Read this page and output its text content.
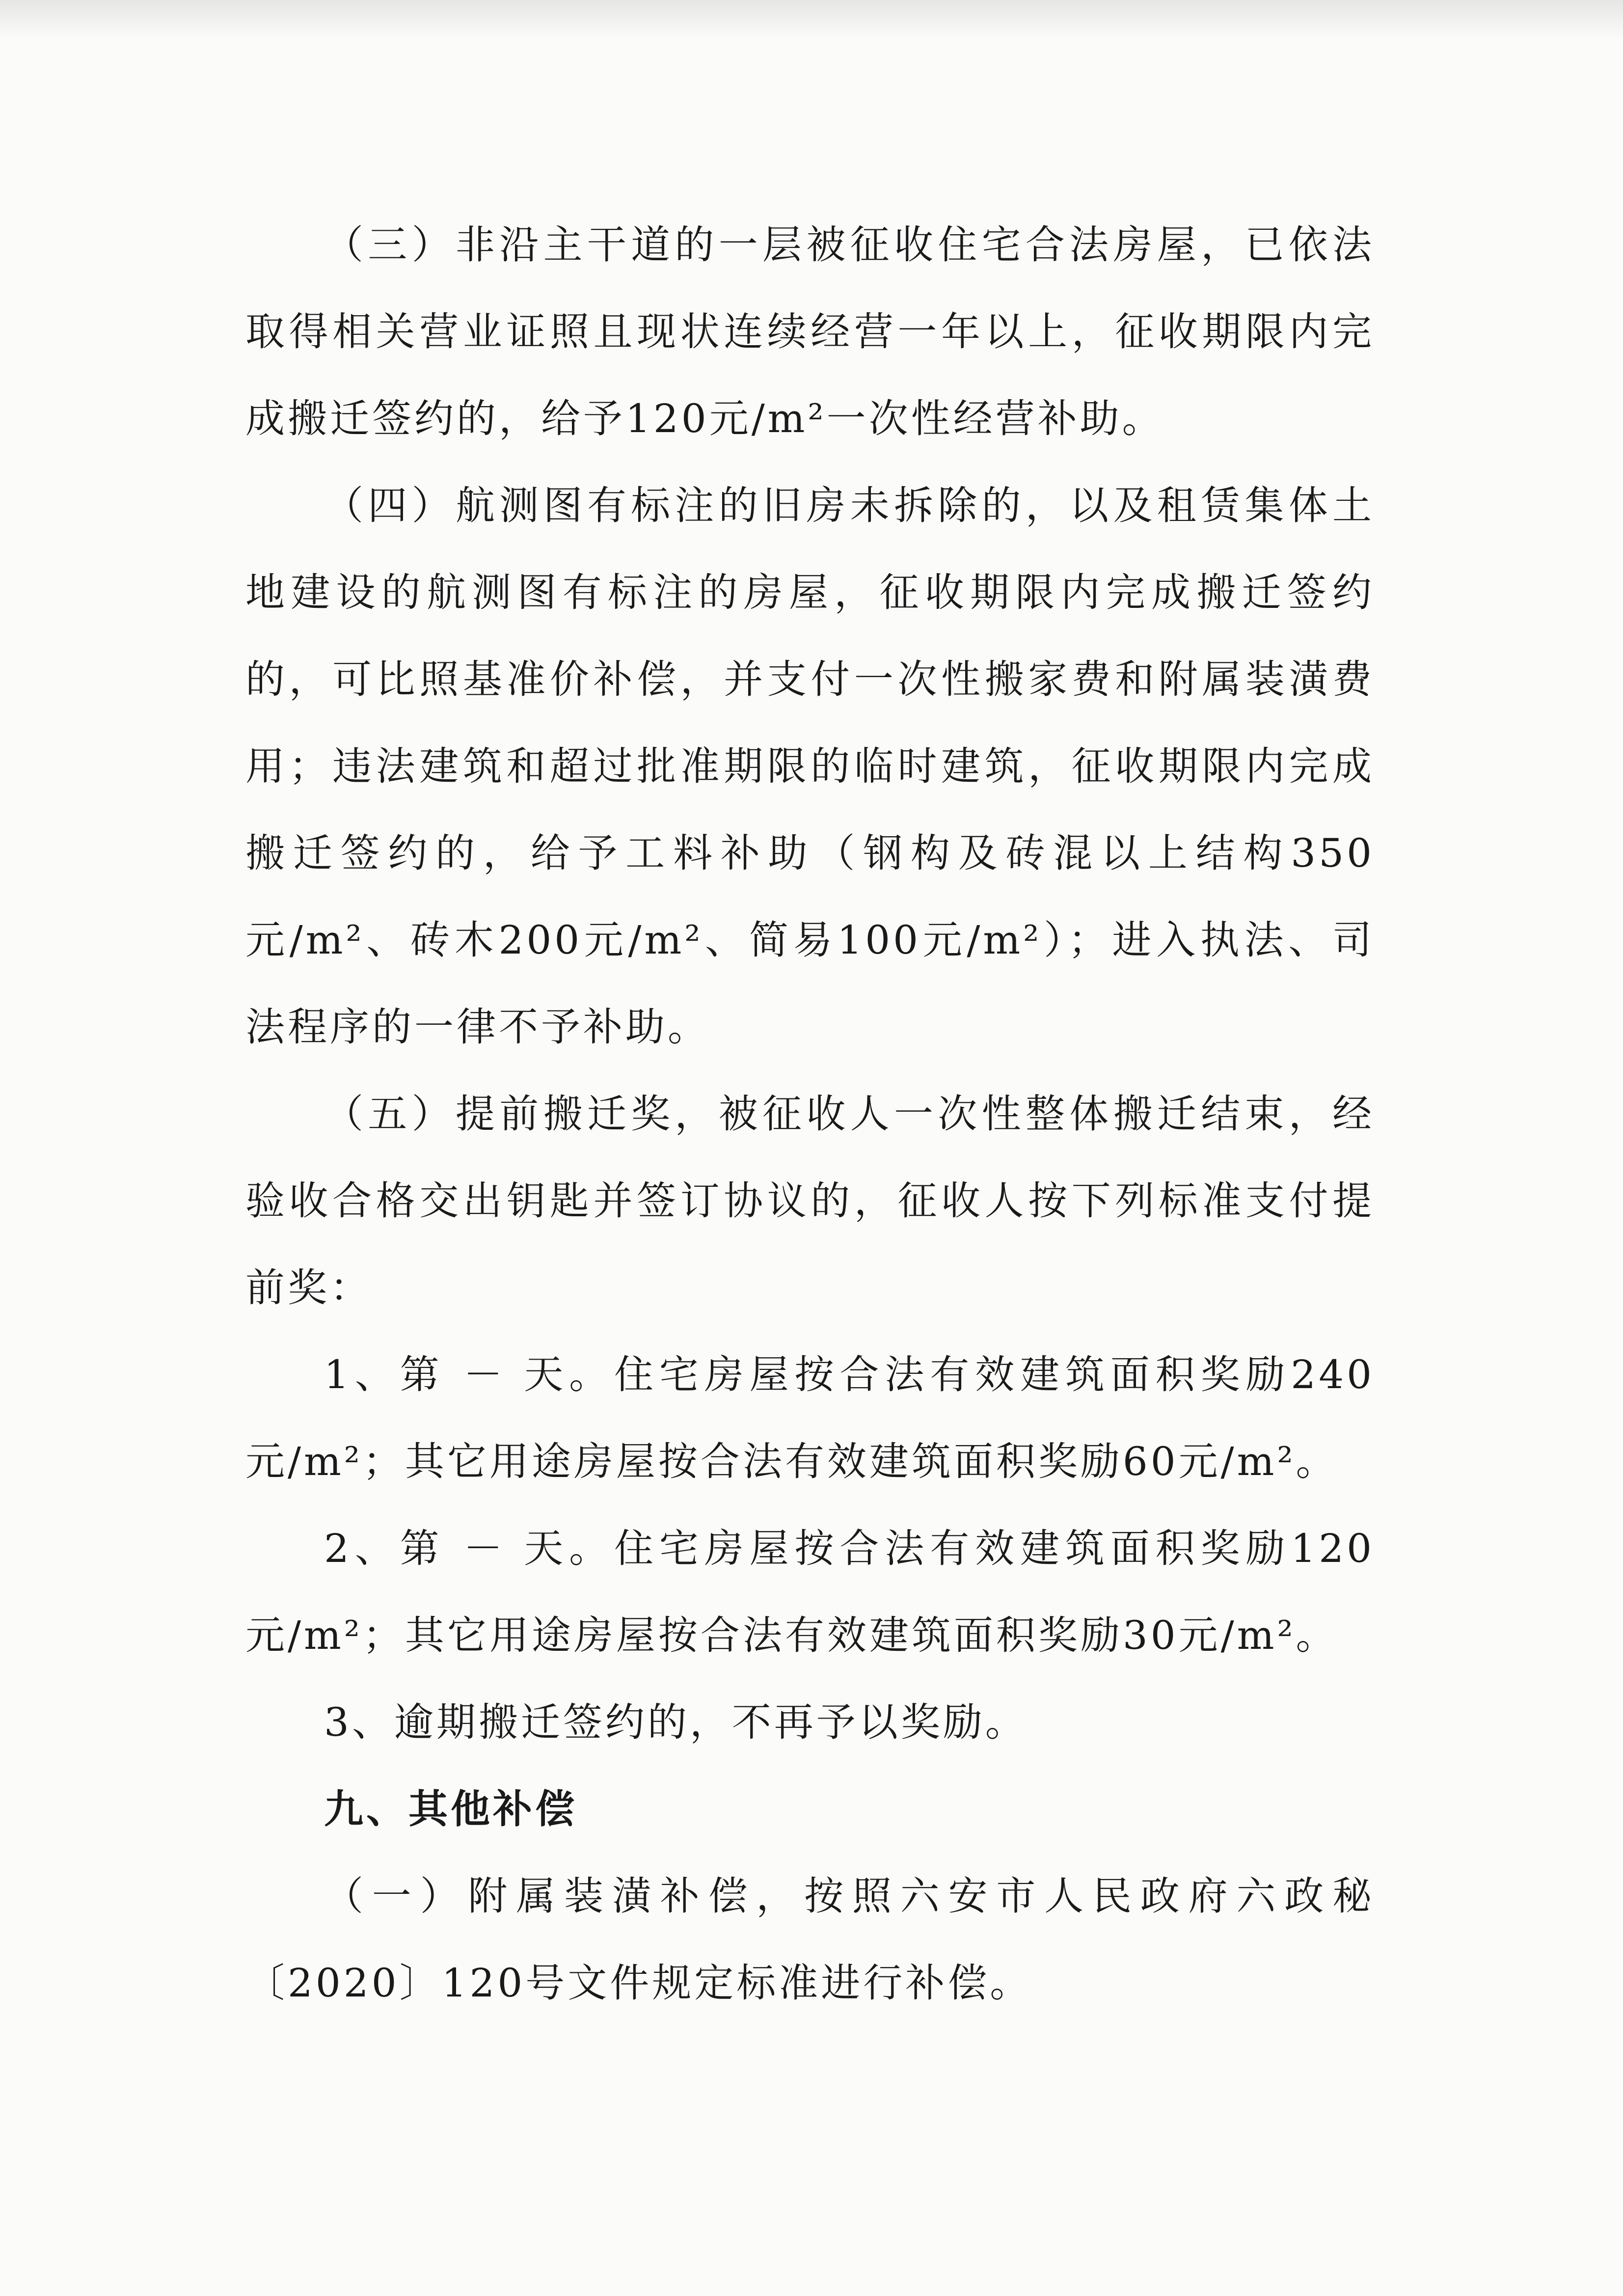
（三）非沿主干道的一层被征收住宅合法房屋，已依法取得相关营业证照且现状连续经营一年以上，征收期限内完成搬迁签约的，给予120元/m²一次性经营补助。

（四）航测图有标注的旧房未拆除的，以及租赁集体土地建设的航测图有标注的房屋，征收期限内完成搬迁签约的，可比照基准价补偿，并支付一次性搬家费和附属装潢费用；违法建筑和超过批准期限的临时建筑，征收期限内完成搬迁签约的，给予工料补助（钢构及砖混以上结构350元/m²、砖木200元/m²、简易100元/m²）；进入执法、司法程序的一律不予补助。

（五）提前搬迁奖，被征收人一次性整体搬迁结束，经验收合格交出钥匙并签订协议的，征收人按下列标准支付提前奖：

1、第 － 天。住宅房屋按合法有效建筑面积奖励240元/m²；其它用途房屋按合法有效建筑面积奖励60元/m²。

2、第 － 天。住宅房屋按合法有效建筑面积奖励120元/m²；其它用途房屋按合法有效建筑面积奖励30元/m²。

3、逾期搬迁签约的，不再予以奖励。

九、其他补偿

（一）附属装潢补偿，按照六安市人民政府六政秘〔2020〕120号文件规定标准进行补偿。
